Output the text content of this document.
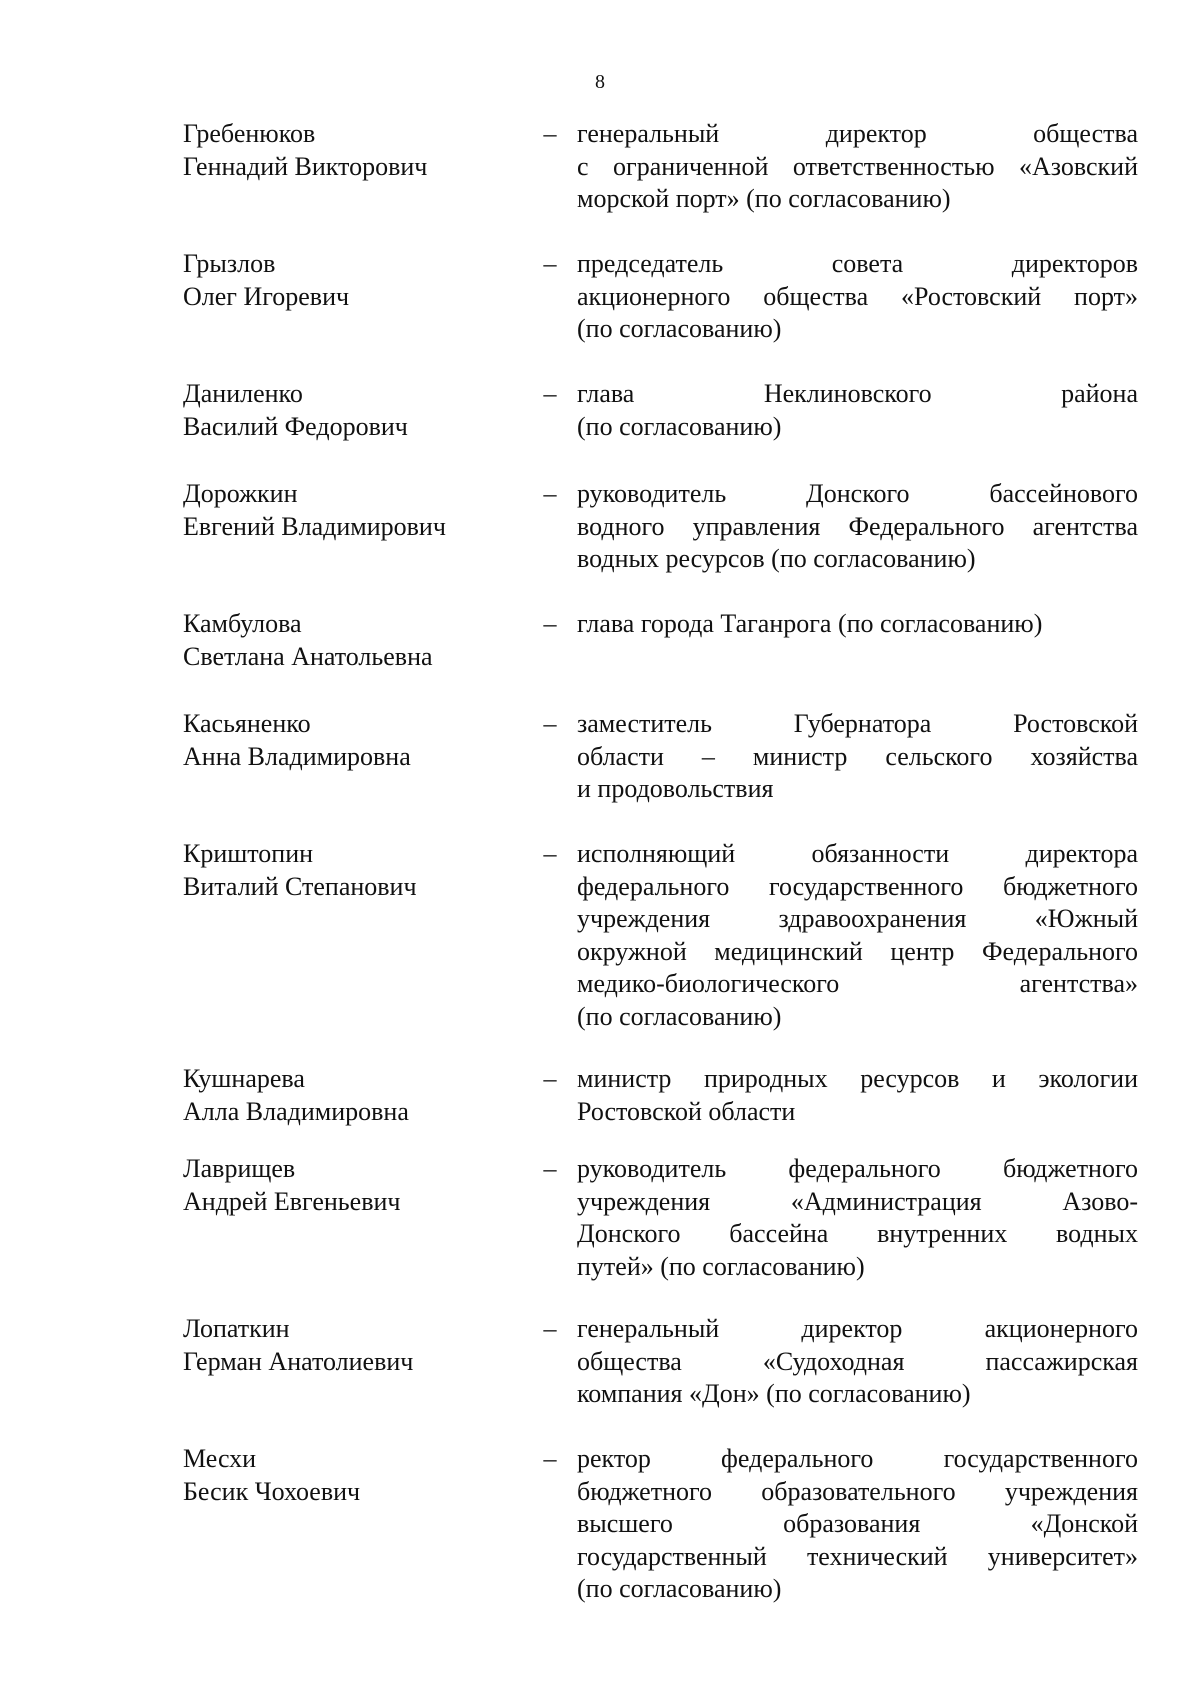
8
Гребенюков
Геннадий Викторович
– генеральный директор общества
с ограниченной ответственностью «Азовский
морской порт» (по согласованию)
Грызлов
Олег Игоревич
– председатель совета директоров
акционерного общества «Ростовский порт»
(по согласованию)
Даниленко
Василий Федорович
– глава Неклиновского района
(по согласованию)
Дорожкин
Евгений Владимирович
– руководитель Донского бассейнового
водного управления Федерального агентства
водных ресурсов (по согласованию)
Камбулова
Светлана Анатольевна
– глава города Таганрога (по согласованию)
Касьяненко
Анна Владимировна
– заместитель Губернатора Ростовской
области – министр сельского хозяйства
и продовольствия
Криштопин
Виталий Степанович
– исполняющий обязанности директора
федерального государственного бюджетного
учреждения здравоохранения «Южный
окружной медицинский центр Федерального
медико-биологического агентства»
(по согласованию)
Кушнарева
Алла Владимировна
– министр природных ресурсов и экологии
Ростовской области
Лаврищев
Андрей Евгеньевич
– руководитель федерального бюджетного
учреждения «Администрация Азово-
Донского бассейна внутренних водных
путей» (по согласованию)
Лопаткин
Герман Анатолиевич
– генеральный директор акционерного
общества «Судоходная пассажирская
компания «Дон» (по согласованию)
Месхи
Бесик Чохоевич
– ректор федерального государственного
бюджетного образовательного учреждения
высшего образования «Донской
государственный технический университет»
(по согласованию)
